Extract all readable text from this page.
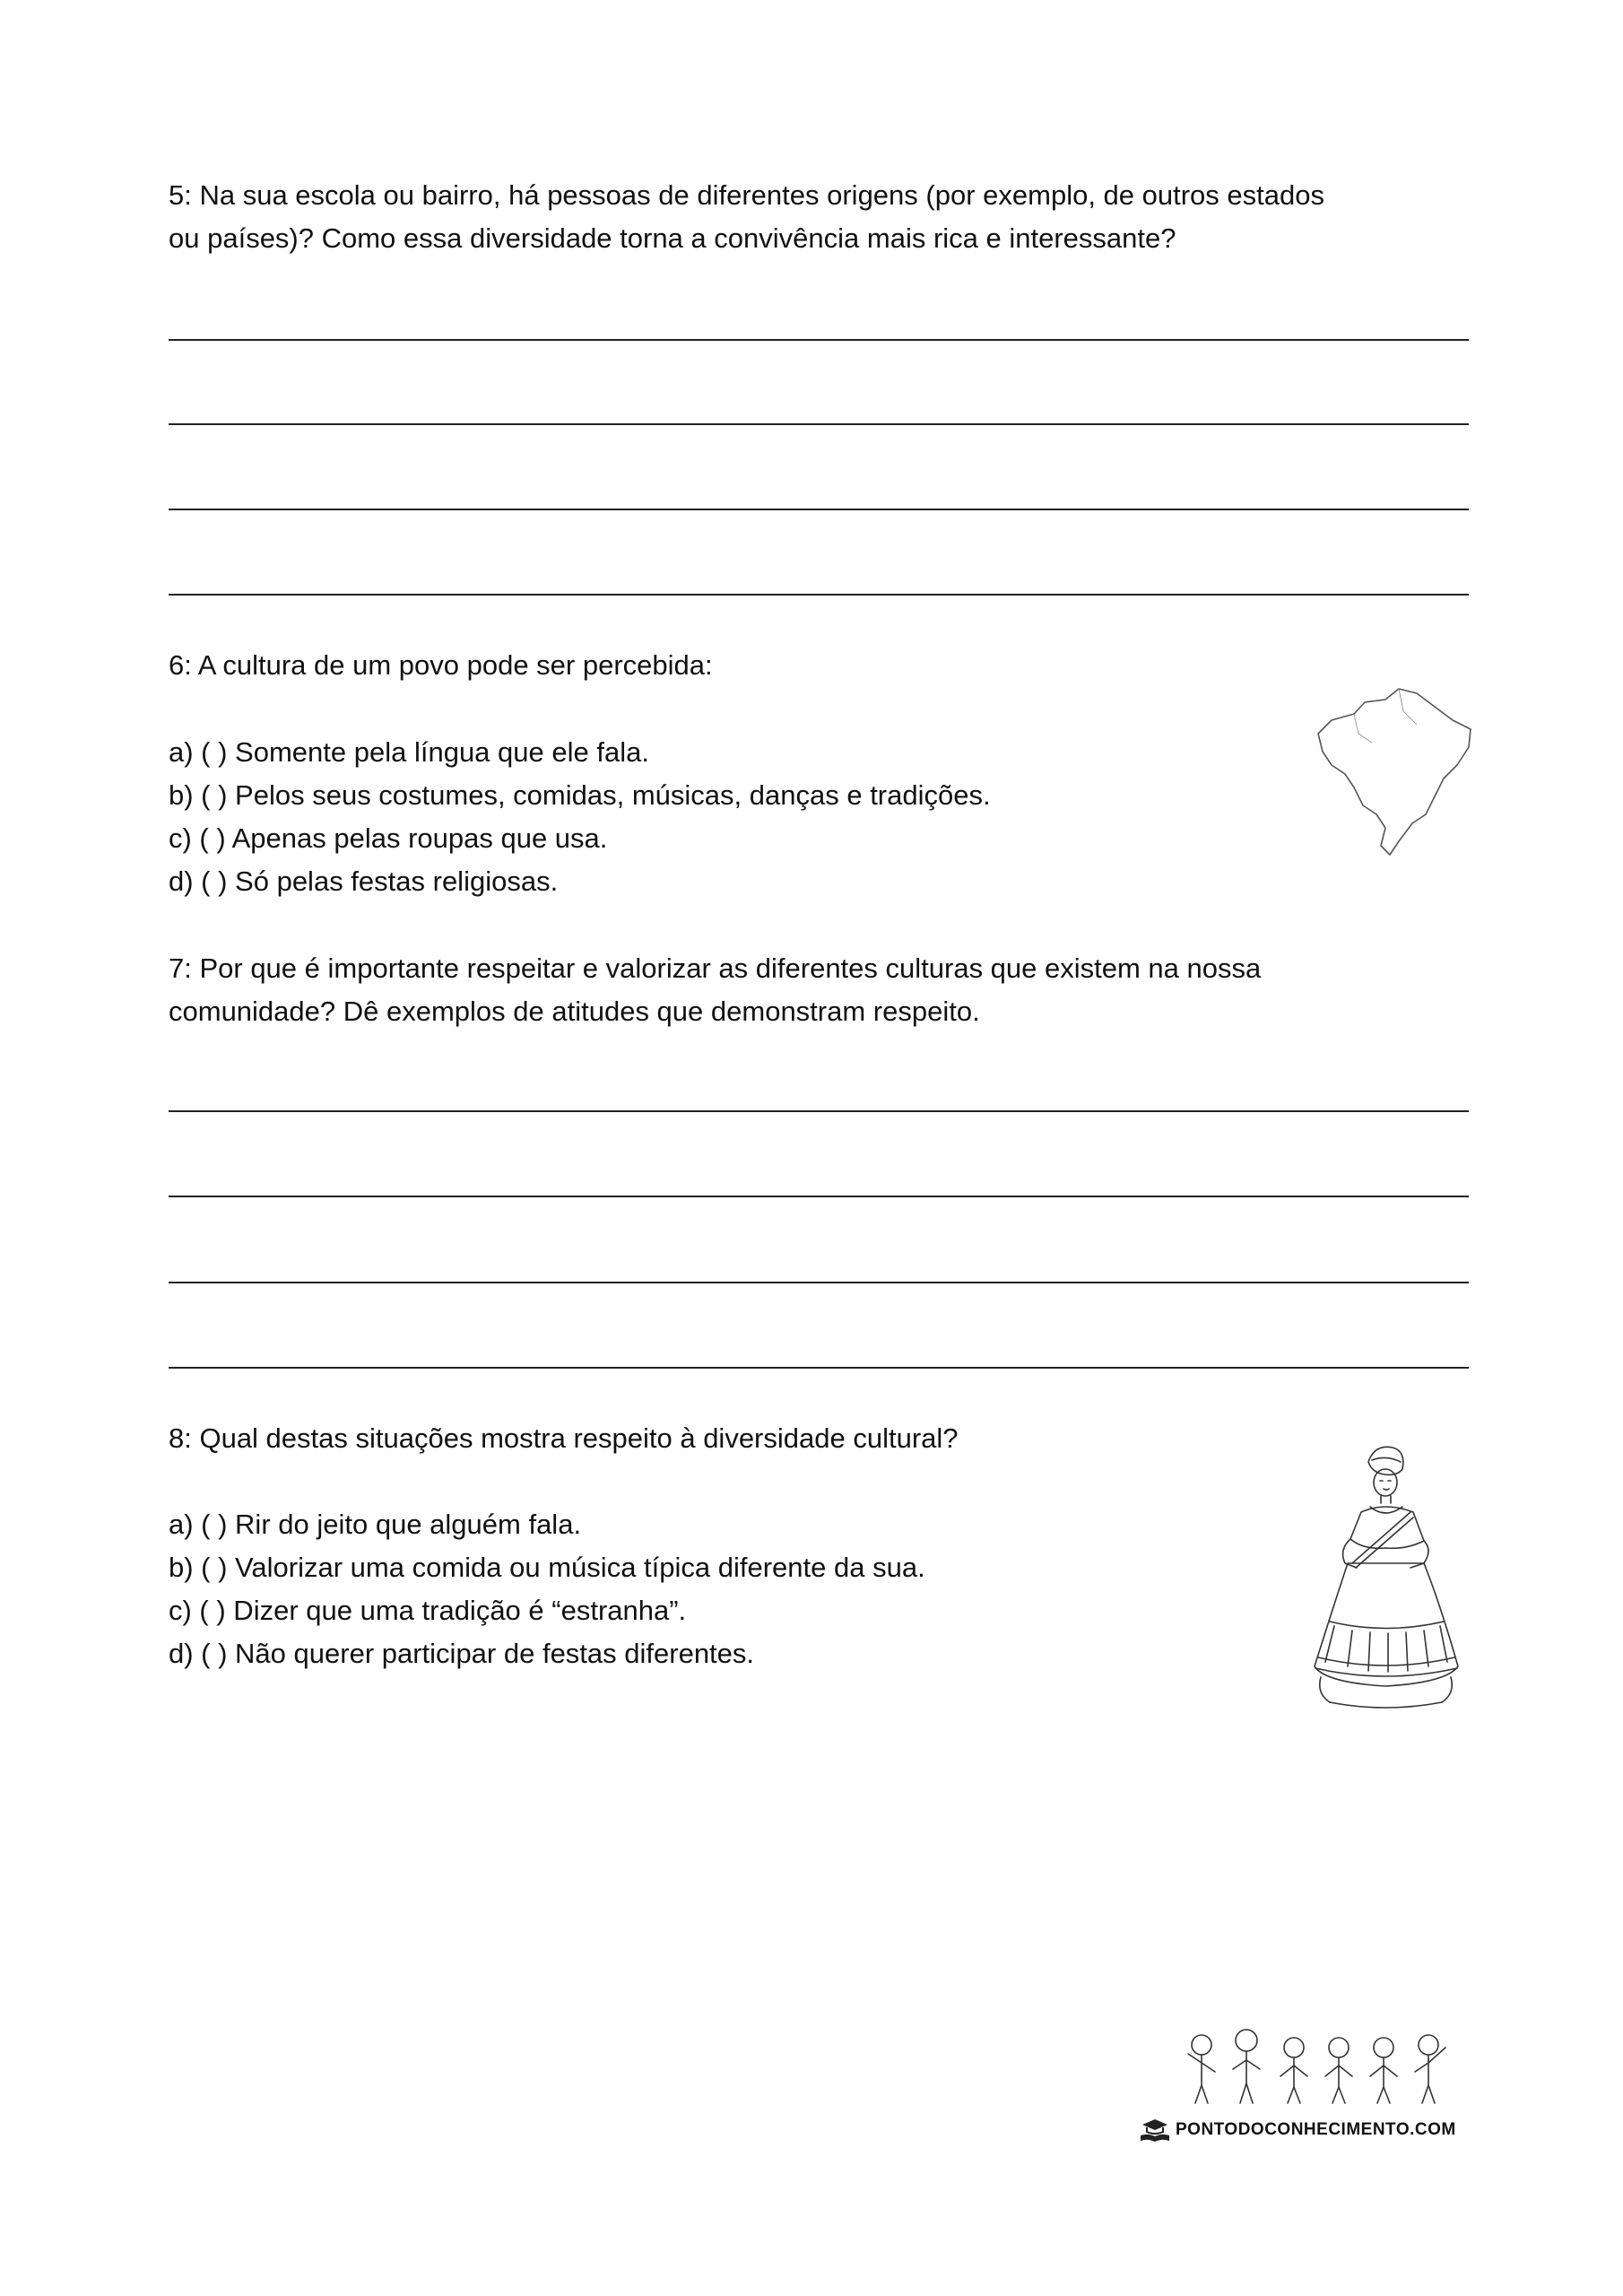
5: Na sua escola ou bairro, há pessoas de diferentes origens (por exemplo, de outros estados
ou países)? Como essa diversidade torna a convivência mais rica e interessante?
6: A cultura de um povo pode ser percebida:
a) ( ) Somente pela língua que ele fala.
b) ( ) Pelos seus costumes, comidas, músicas, danças e tradições.
c) ( ) Apenas pelas roupas que usa.
d) ( ) Só pelas festas religiosas.
7: Por que é importante respeitar e valorizar as diferentes culturas que existem na nossa
comunidade? Dê exemplos de atitudes que demonstram respeito.
8: Qual destas situações mostra respeito à diversidade cultural?
a) ( ) Rir do jeito que alguém fala.
b) ( ) Valorizar uma comida ou música típica diferente da sua.
c) ( ) Dizer que uma tradição é “estranha”.
d) ( ) Não querer participar de festas diferentes.
PONTODOCONHECIMENTO.COM
